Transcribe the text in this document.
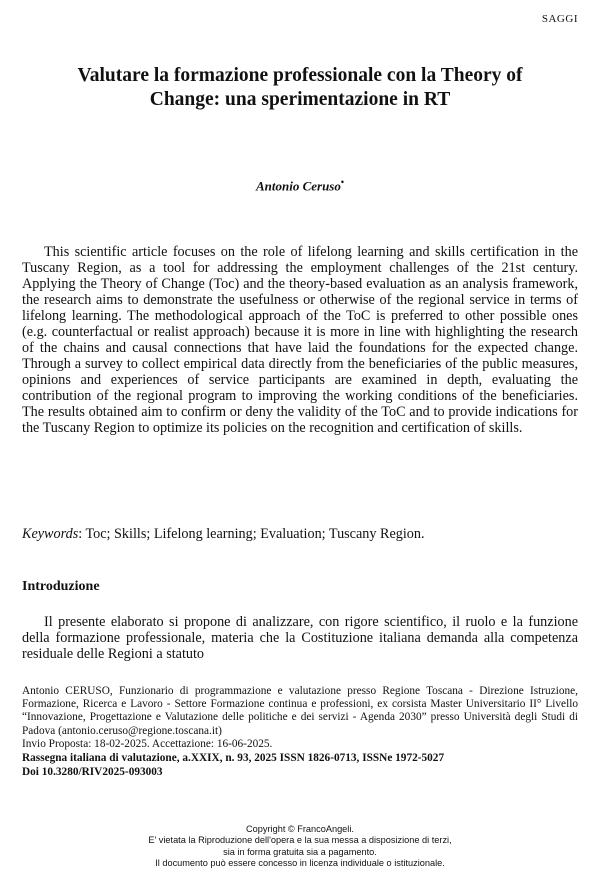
SAGGI
Valutare la formazione professionale con la Theory of Change: una sperimentazione in RT
Antonio Ceruso•

This scientific article focuses on the role of lifelong learning and skills certification in the Tuscany Region, as a tool for addressing the employment challenges of the 21st century. Applying the Theory of Change (Toc) and the theory-based evaluation as an analysis framework, the research aims to demonstrate the usefulness or otherwise of the regional service in terms of lifelong learning. The methodological approach of the ToC is preferred to other possible ones (e.g. counterfactual or realist approach) because it is more in line with highlighting the research of the chains and causal connections that have laid the foundations for the expected change. Through a survey to collect empirical data directly from the beneficiaries of the public measures, opinions and experiences of service participants are examined in depth, evaluating the contribution of the regional program to improving the working conditions of the beneficiaries. The results obtained aim to confirm or deny the validity of the ToC and to provide indications for the Tuscany Region to optimize its policies on the recognition and certification of skills.

Keywords: Toc; Skills; Lifelong learning; Evaluation; Tuscany Region.

Introduzione

Il presente elaborato si propone di analizzare, con rigore scientifico, il ruolo e la funzione della formazione professionale, materia che la Costituzione italiana demanda alla competenza residuale delle Regioni a statuto

Antonio CERUSO, Funzionario di programmazione e valutazione presso Regione Toscana - Direzione Istruzione, Formazione, Ricerca e Lavoro - Settore Formazione continua e professioni, ex corsista Master Universitario II° Livello “Innovazione, Progettazione e Valutazione delle politiche e dei servizi - Agenda 2030” presso Università degli Studi di Padova (antonio.ceruso@regione.toscana.it)
Invio Proposta: 18-02-2025. Accettazione: 16-06-2025.
Rassegna italiana di valutazione, a.XXIX, n. 93, 2025 ISSN 1826-0713, ISSNe 1972-5027
Doi 10.3280/RIV2025-093003
Copyright © FrancoAngeli.
E' vietata la Riproduzione dell'opera e la sua messa a disposizione di terzi,
sia in forma gratuita sia a pagamento.
Il documento può essere concesso in licenza individuale o istituzionale.
